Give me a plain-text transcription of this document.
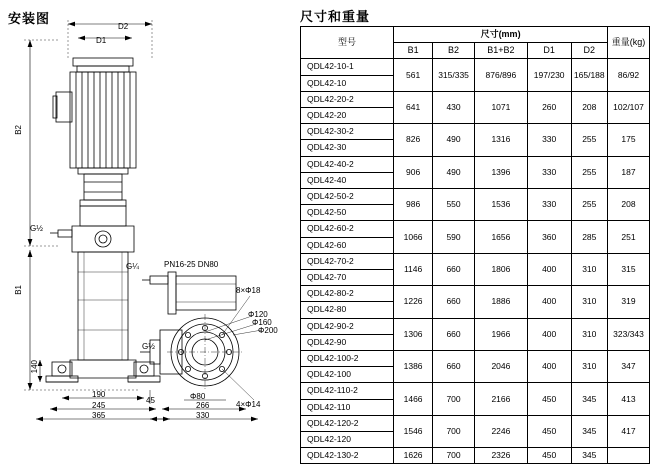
安装图
D2
D1
B2
B1
G½
G½
G¼	PN16-25 DN80
8×Φ18
4×Φ14
Φ120
Φ160
Φ200
140
190
245
365
45	Φ80
266
330
尺寸和重量
型号	尺寸(mm)					重量(kg)
	B1	B2	B1+B2	D1	D2	
QDL42-10-1	561	315/335	876/896	197/230	165/188	86/92
QDL42-10						
QDL42-20-2	641	430	1071	260	208	102/107
QDL42-20						
QDL42-30-2	826	490	1316	330	255	175
QDL42-30						
QDL42-40-2	906	490	1396	330	255	187
QDL42-40						
QDL42-50-2	986	550	1536	330	255	208
QDL42-50						
QDL42-60-2	1066	590	1656	360	285	251
QDL42-60						
QDL42-70-2	1146	660	1806	400	310	315
QDL42-70						
QDL42-80-2	1226	660	1886	400	310	319
QDL42-80						
QDL42-90-2	1306	660	1966	400	310	323/343
QDL42-90						
QDL42-100-2	1386	660	2046	400	310	347
QDL42-100						
QDL42-110-2	1466	700	2166	450	345	413
QDL42-110						
QDL42-120-2	1546	700	2246	450	345	417
QDL42-120						
QDL42-130-2	1626	700	2326	450	345	
